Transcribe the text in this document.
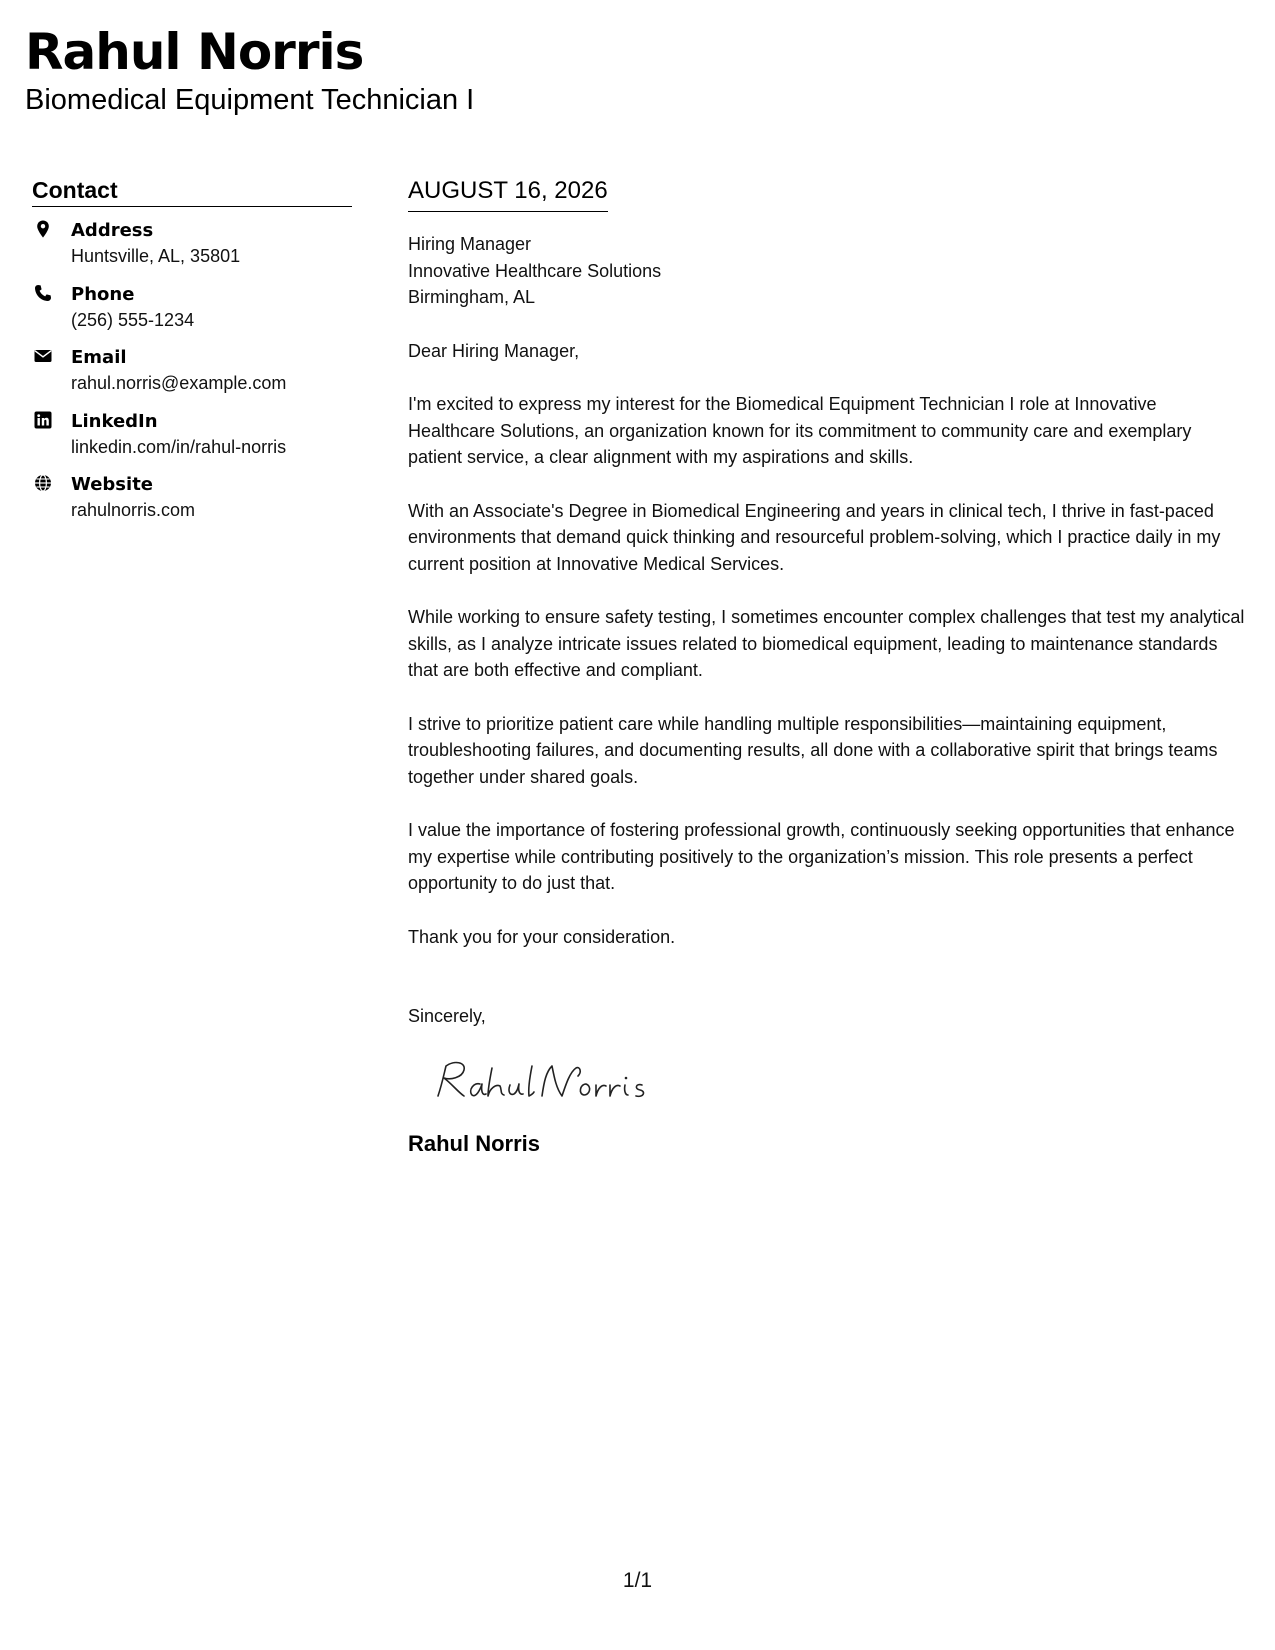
Rahul Norris
Biomedical Equipment Technician I
Contact
Address
Huntsville, AL, 35801
Phone
(256) 555-1234
Email
rahul.norris@example.com
LinkedIn
linkedin.com/in/rahul-norris
Website
rahulnorris.com
AUGUST 16, 2026
Hiring Manager
Innovative Healthcare Solutions
Birmingham, AL

Dear Hiring Manager,

I'm excited to express my interest for the Biomedical Equipment Technician I role at Innovative Healthcare Solutions, an organization known for its commitment to community care and exemplary patient service, a clear alignment with my aspirations and skills.

With an Associate's Degree in Biomedical Engineering and years in clinical tech, I thrive in fast-paced environments that demand quick thinking and resourceful problem-solving, which I practice daily in my current position at Innovative Medical Services.

While working to ensure safety testing, I sometimes encounter complex challenges that test my analytical skills, as I analyze intricate issues related to biomedical equipment, leading to maintenance standards that are both effective and compliant.

I strive to prioritize patient care while handling multiple responsibilities—maintaining equipment, troubleshooting failures, and documenting results, all done with a collaborative spirit that brings teams together under shared goals.

I value the importance of fostering professional growth, continuously seeking opportunities that enhance my expertise while contributing positively to the organization’s mission. This role presents a perfect opportunity to do just that.

Thank you for your consideration.

Sincerely,

Rahul Norris
1/1
